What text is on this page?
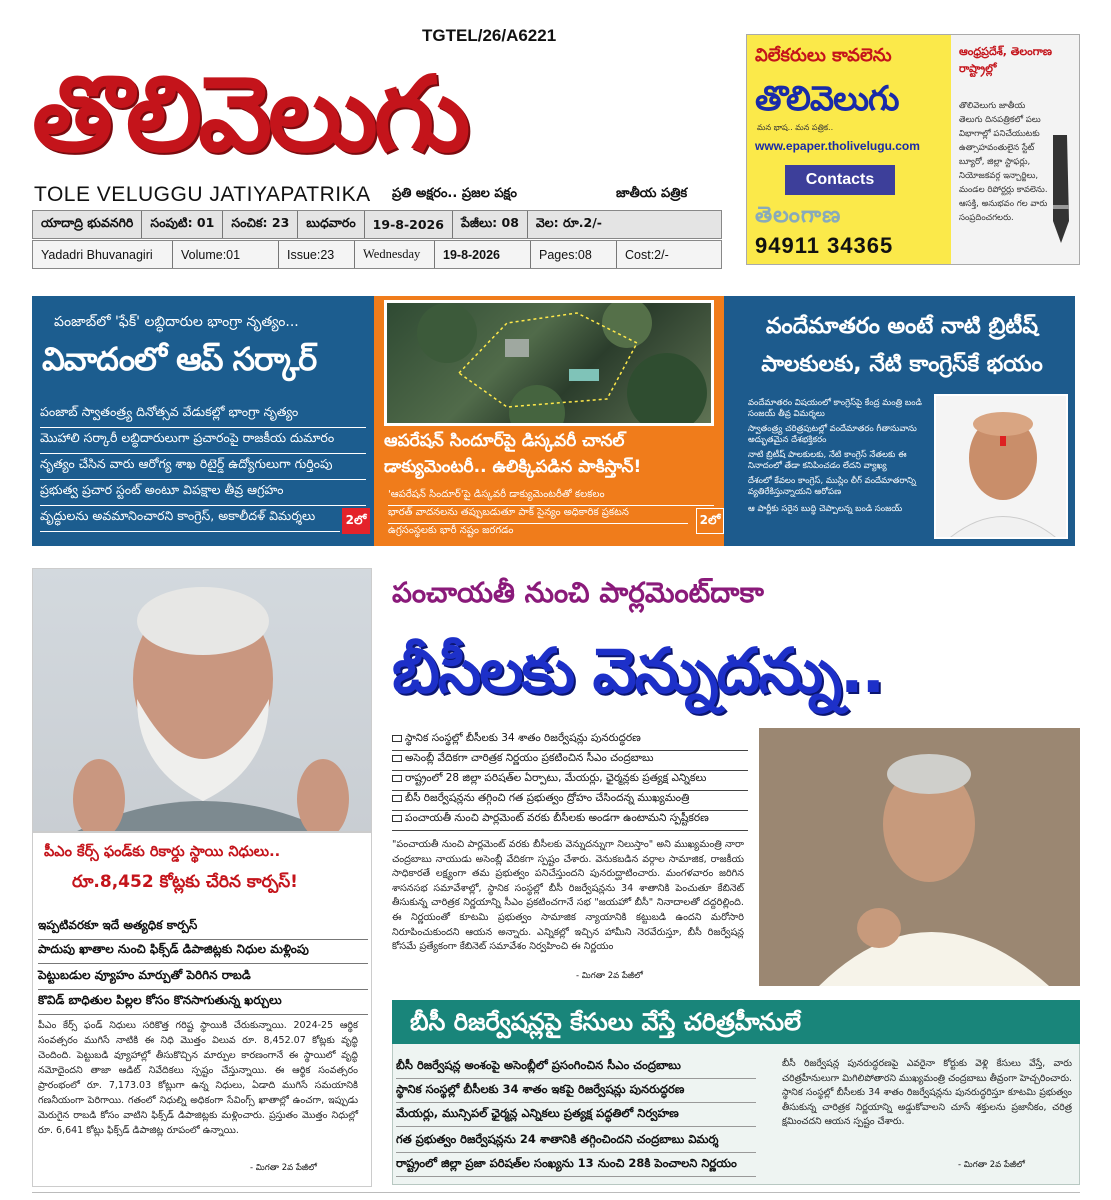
తొలివెలుగు
TGTEL/26/A6221
TOLE VELUGGU JATIYAPATRIKA ప్రతి అక్షరం.. ప్రజల పక్షం	జాతీయ పత్రిక
యాదాద్రి భువనగిరి	సంపుటి: 01	సంచిక: 23	బుధవారం	19-8-2026	పేజీలు: 08	వెల: రూ.2/-
Yadadri Bhuvanagiri	Volume:01	Issue:23	Wednesday	19-8-2026	Pages:08	Cost:2/-
విలేకరులు కావలెను
తొలివెలుగు
మన భాష.. మన పత్రిక..
www.epaper.tholivelugu.com
Contacts
తెలంగాణ
94911 34365
ఆంధ్రప్రదేశ్, తెలంగాణ రాష్ట్రాల్లో
తొలివెలుగు జాతీయ తెలుగు దినపత్రికలో పలు విభాగాల్లో పనిచేయుటకు ఉత్సాహవంతులైన స్టేట్ బ్యూరో, జిల్లా స్టాఫర్లు, నియోజకవర్గ ఇన్చార్జిలు, మండల రిపోర్టర్లు కావలెను. ఆసక్తి, అనుభవం గల వారు సంప్రదించగలరు.
పంజాబ్‌లో 'ఫేక్' లబ్ధిదారుల భాంగ్రా నృత్యం...
వివాదంలో ఆప్ సర్కార్
పంజాబ్ స్వాతంత్ర్య దినోత్సవ వేడుకల్లో భాంగ్రా నృత్యం
మొహాలి సర్కారీ లబ్ధిదారులుగా ప్రచారంపై రాజకీయ దుమారం
నృత్యం చేసిన వారు ఆరోగ్య శాఖ రిటైర్డ్ ఉద్యోగులుగా గుర్తింపు
ప్రభుత్వ ప్రచార స్టంట్ అంటూ విపక్షాల తీవ్ర ఆగ్రహం
వృద్ధులను అవమానించారని కాంగ్రెస్, అకాలీదళ్ విమర్శలు	2లో
ఆపరేషన్ సిందూర్‌పై డిస్కవరీ చానల్ డాక్యుమెంటరీ.. ఉలిక్కిపడిన పాకిస్తాన్!
'ఆపరేషన్ సిందూర్'పై డిస్కవరీ డాక్యుమెంటరీతో కలకలం
భారత్ వాదనలను తప్పుబడుతూ పాక్ సైన్యం అధికారిక ప్రకటన
ఉగ్రసంస్థలకు భారీ నష్టం జరగడం
2లో
వందేమాతరం అంటే నాటి బ్రిటీష్ పాలకులకు, నేటి కాంగ్రెస్‌కే భయం
వందేమాతరం విషయంలో కాంగ్రెస్‌పై కేంద్ర మంత్రి బండి సంజయ్ తీవ్ర విమర్శలు
స్వాతంత్ర్య చరిత్రపుటల్లో వందేమాతరం గీతానువాను అద్భుతమైన దేశభక్తికరం
నాటి బ్రిటీష్ పాలకులకు, నేటి కాంగ్రెస్ నేతలకు ఈ నినాదంలో తేడా కనిపించడం లేదని వ్యాఖ్య
దేశంలో కేవలం కాంగ్రెస్, ముస్లిం లీగ్ వందేమాతరాన్ని వ్యతిరేకిస్తున్నాయని ఆరోపణ
ఆ పార్టీకు సరైన బుద్ధి చెప్పాలన్న బండి సంజయ్
పీఎం కేర్స్ ఫండ్‌కు రికార్డు స్థాయి నిధులు..
రూ.8,452 కోట్లకు చేరిన కార్పస్!
ఇప్పటివరకూ ఇదే అత్యధిక కార్పస్
పాదుపు ఖాతాల నుంచి ఫిక్స్‌డ్ డిపాజిట్లకు నిధుల మళ్లింపు
పెట్టుబడుల వ్యూహం మార్పుతో పెరిగిన రాబడి
కొవిడ్ బాధితుల పిల్లల కోసం కొనసాగుతున్న ఖర్చులు
పీఎం కేర్స్ ఫండ్ నిధులు సరికొత్త గరిష్ట స్థాయికి చేరుకున్నాయి. 2024-25 ఆర్థిక సంవత్సరం ముగిసే నాటికి ఈ నిధి మొత్తం విలువ రూ. 8,452.07 కోట్లకు వృద్ధి చెందింది. పెట్టుబడి వ్యూహాల్లో తీసుకొచ్చిన మార్పుల కారణంగానే ఈ స్థాయిలో వృద్ధి నమోదైందని తాజా ఆడిట్ నివేదికలు స్పష్టం చేస్తున్నాయి. ఈ ఆర్థిక సంవత్సరం ప్రారంభంలో రూ. 7,173.03 కోట్లుగా ఉన్న నిధులు, ఏడాది ముగిసే సమయానికి గణనీయంగా పెరిగాయి. గతంలో నిధుల్ని అధికంగా సేవింగ్స్ ఖాతాల్లో ఉంచగా, ఇప్పుడు మెరుగైన రాబడి కోసం వాటిని ఫిక్స్‌డ్ డిపాజిట్లకు మళ్లించారు. ప్రస్తుతం మొత్తం నిధుల్లో రూ. 6,641 కోట్లు ఫిక్స్‌డ్ డిపాజిట్ల రూపంలో ఉన్నాయి.
- మిగతా 2వ పేజీలో
పంచాయతీ నుంచి పార్లమెంట్‌దాకా
బీసీలకు వెన్నుదన్ను..
స్థానిక సంస్థల్లో బీసీలకు 34 శాతం రిజర్వేషన్లు పునరుద్ధరణ
అసెంబ్లీ వేదికగా చారిత్రక నిర్ణయం ప్రకటించిన సీఎం చంద్రబాబు
రాష్ట్రంలో 28 జిల్లా పరిషత్‌ల ఏర్పాటు, మేయర్లు, ఛైర్మన్లకు ప్రత్యక్ష ఎన్నికలు
బీసీ రిజర్వేషన్లను తగ్గించి గత ప్రభుత్వం ద్రోహం చేసిందన్న ముఖ్యమంత్రి
పంచాయతీ నుంచి పార్లమెంట్ వరకు బీసీలకు అండగా ఉంటామని స్పష్టీకరణ
"పంచాయతీ నుంచి పార్లమెంట్ వరకు బీసీలకు వెన్నుదన్నుగా నిలుస్తాం" అని ముఖ్యమంత్రి నారా చంద్రబాబు నాయుడు అసెంబ్లీ వేదికగా స్పష్టం చేశారు. వెనుకబడిన వర్గాల సామాజిక, రాజకీయ సాధికారతే లక్ష్యంగా తమ ప్రభుత్వం పనిచేస్తుందని పునరుద్ఘాటించారు. మంగళవారం జరిగిన శాసనసభ సమావేశాల్లో, స్థానిక సంస్థల్లో బీసీ రిజర్వేషన్లను 34 శాతానికి పెంచుతూ కేబినెట్ తీసుకున్న చారిత్రక నిర్ణయాన్ని సీఎం ప్రకటించగానే సభ "జయహో బీసీ" నినాదాలతో దద్దరిల్లింది. ఈ నిర్ణయంతో కూటమి ప్రభుత్వం సామాజిక న్యాయానికి కట్టుబడి ఉందని మరోసారి నిరూపించుకుందని ఆయన అన్నారు. ఎన్నికల్లో ఇచ్చిన హామీని నెరవేరుస్తూ, బీసీ రిజర్వేషన్ల కోసమే ప్రత్యేకంగా కేబినెట్ సమావేశం నిర్వహించి ఈ నిర్ణయం
- మిగతా 2వ పేజీలో
బీసీ రిజర్వేషన్లపై కేసులు వేస్తే చరిత్రహీనులే
బీసీ రిజర్వేషన్ల అంశంపై అసెంబ్లీలో ప్రసంగించిన సీఎం చంద్రబాబు
స్థానిక సంస్థల్లో బీసీలకు 34 శాతం ఇకపై రిజర్వేషన్లు పునరుద్ధరణ
మేయర్లు, మున్సిపల్ ఛైర్మన్ల ఎన్నికలు ప్రత్యక్ష పద్ధతిలో నిర్వహణ
గత ప్రభుత్వం రిజర్వేషన్లను 24 శాతానికి తగ్గించిందని చంద్రబాబు విమర్శ
రాష్ట్రంలో జిల్లా ప్రజా పరిషత్‌ల సంఖ్యను 13 నుంచి 28కి పెంచాలని నిర్ణయం
బీసీ రిజర్వేషన్ల పునరుద్ధరణపై ఎవరైనా కోర్టుకు వెళ్లి కేసులు వేస్తే, వారు చరిత్రహీనులుగా మిగిలిపోతారని ముఖ్యమంత్రి చంద్రబాబు తీవ్రంగా హెచ్చరించారు. స్థానిక సంస్థల్లో బీసీలకు 34 శాతం రిజర్వేషన్లను పునరుద్ధరిస్తూ కూటమి ప్రభుత్వం తీసుకున్న చారిత్రక నిర్ణయాన్ని అడ్డుకోవాలని చూసే శక్తులను ప్రజానీకం, చరిత్ర క్షమించదని ఆయన స్పష్టం చేశారు.
- మిగతా 2వ పేజీలో
